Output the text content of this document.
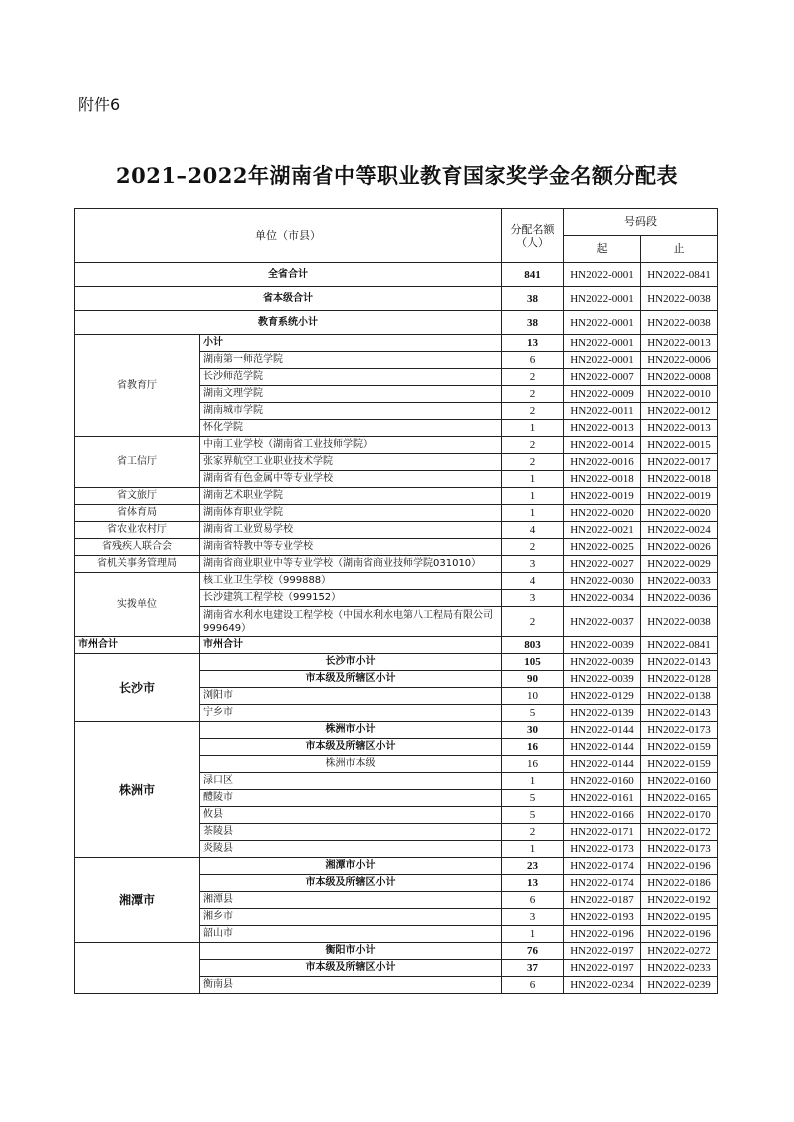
附件6
2021–2022年湖南省中等职业教育国家奖学金名额分配表
单位（市县）		分配名额（人）	号码段	
			起	止
全省合计		841	HN2022-0001	HN2022-0841
省本级合计		38	HN2022-0001	HN2022-0038
教育系统小计		38	HN2022-0001	HN2022-0038
省教育厅	小计	13	HN2022-0001	HN2022-0013
	湖南第一师范学院	6	HN2022-0001	HN2022-0006
	长沙师范学院	2	HN2022-0007	HN2022-0008
	湖南文理学院	2	HN2022-0009	HN2022-0010
	湖南城市学院	2	HN2022-0011	HN2022-0012
	怀化学院	1	HN2022-0013	HN2022-0013
省工信厅	中南工业学校（湖南省工业技师学院）	2	HN2022-0014	HN2022-0015
	张家界航空工业职业技术学院	2	HN2022-0016	HN2022-0017
	湖南省有色金属中等专业学校	1	HN2022-0018	HN2022-0018
省文旅厅	湖南艺术职业学院	1	HN2022-0019	HN2022-0019
省体育局	湖南体育职业学院	1	HN2022-0020	HN2022-0020
省农业农村厅	湖南省工业贸易学校	4	HN2022-0021	HN2022-0024
省残疾人联合会	湖南省特教中等专业学校	2	HN2022-0025	HN2022-0026
省机关事务管理局	湖南省商业职业中等专业学校（湖南省商业技师学院031010）	3	HN2022-0027	HN2022-0029
实拨单位	核工业卫生学校（999888）	4	HN2022-0030	HN2022-0033
	长沙建筑工程学校（999152）	3	HN2022-0034	HN2022-0036
	湖南省水利水电建设工程学校（中国水利水电第八工程局有限公司999649）	2	HN2022-0037	HN2022-0038
市州合计	市州合计	803	HN2022-0039	HN2022-0841
长沙市	长沙市小计	105	HN2022-0039	HN2022-0143
	市本级及所辖区小计	90	HN2022-0039	HN2022-0128
	浏阳市	10	HN2022-0129	HN2022-0138
	宁乡市	5	HN2022-0139	HN2022-0143
株洲市	株洲市小计	30	HN2022-0144	HN2022-0173
	市本级及所辖区小计	16	HN2022-0144	HN2022-0159
	株洲市本级	16	HN2022-0144	HN2022-0159
	渌口区	1	HN2022-0160	HN2022-0160
	醴陵市	5	HN2022-0161	HN2022-0165
	攸县	5	HN2022-0166	HN2022-0170
	茶陵县	2	HN2022-0171	HN2022-0172
	炎陵县	1	HN2022-0173	HN2022-0173
湘潭市	湘潭市小计	23	HN2022-0174	HN2022-0196
	市本级及所辖区小计	13	HN2022-0174	HN2022-0186
	湘潭县	6	HN2022-0187	HN2022-0192
	湘乡市	3	HN2022-0193	HN2022-0195
	韶山市	1	HN2022-0196	HN2022-0196
	衡阳市小计	76	HN2022-0197	HN2022-0272
	市本级及所辖区小计	37	HN2022-0197	HN2022-0233
	衡南县	6	HN2022-0234	HN2022-0239
